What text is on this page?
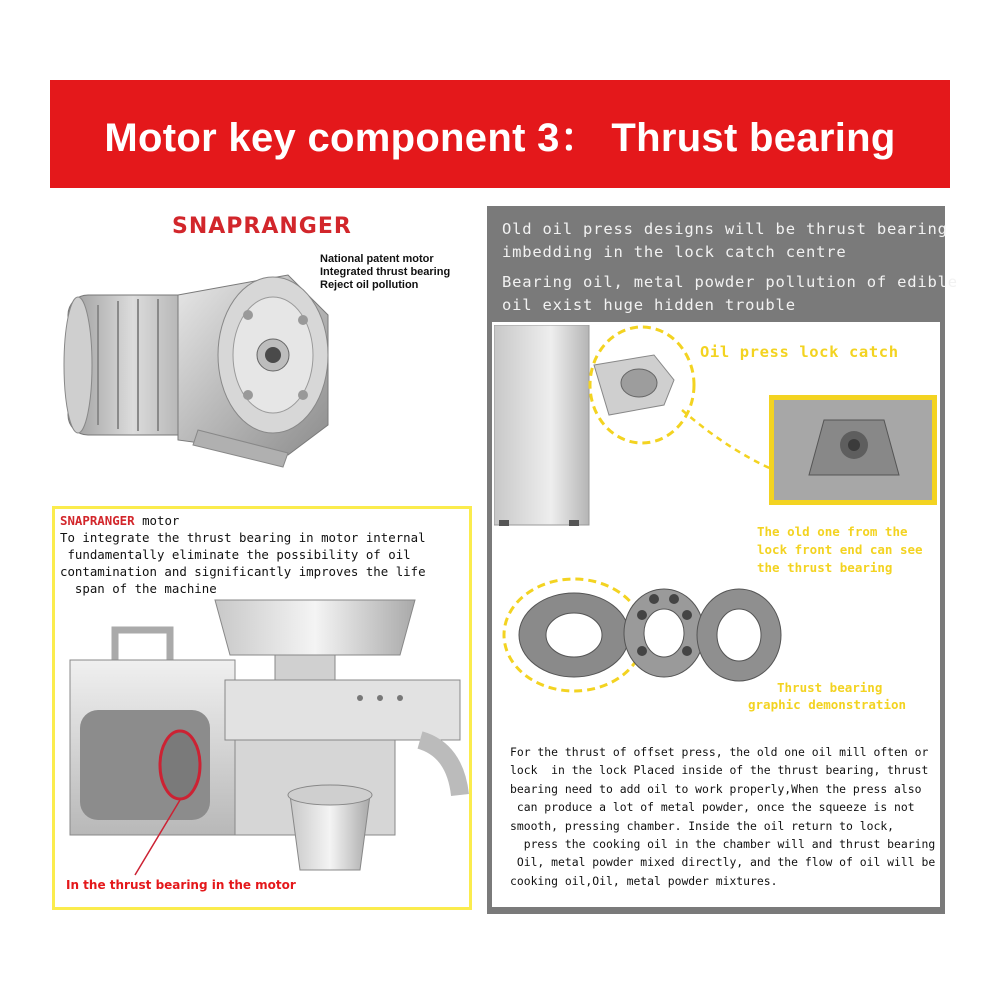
Motor key component 3： Thrust bearing
SNAPRANGER
National patent motor
Integrated thrust bearing
Reject oil pollution
SNAPRANGER motor
To integrate the thrust bearing in motor internal
fundamentally eliminate the possibility of oil
contamination and significantly improves the life
span of the machine
In the thrust bearing in the motor
Old oil press designs will be thrust bearing
imbedding in the lock catch centre
Bearing oil, metal powder pollution of edible
oil exist huge hidden trouble
Oil press lock catch
The old one from the
lock front end can see
the thrust bearing
Thrust bearing
graphic demonstration
For the thrust of offset press, the old one oil mill often or
lock  in the lock Placed inside of the thrust bearing, thrust
bearing need to add oil to work properly,When the press also
can produce a lot of metal powder, once the squeeze is not
smooth, pressing chamber. Inside the oil return to lock,
press the cooking oil in the chamber will and thrust bearing
Oil, metal powder mixed directly, and the flow of oil will be
cooking oil,Oil, metal powder mixtures.
